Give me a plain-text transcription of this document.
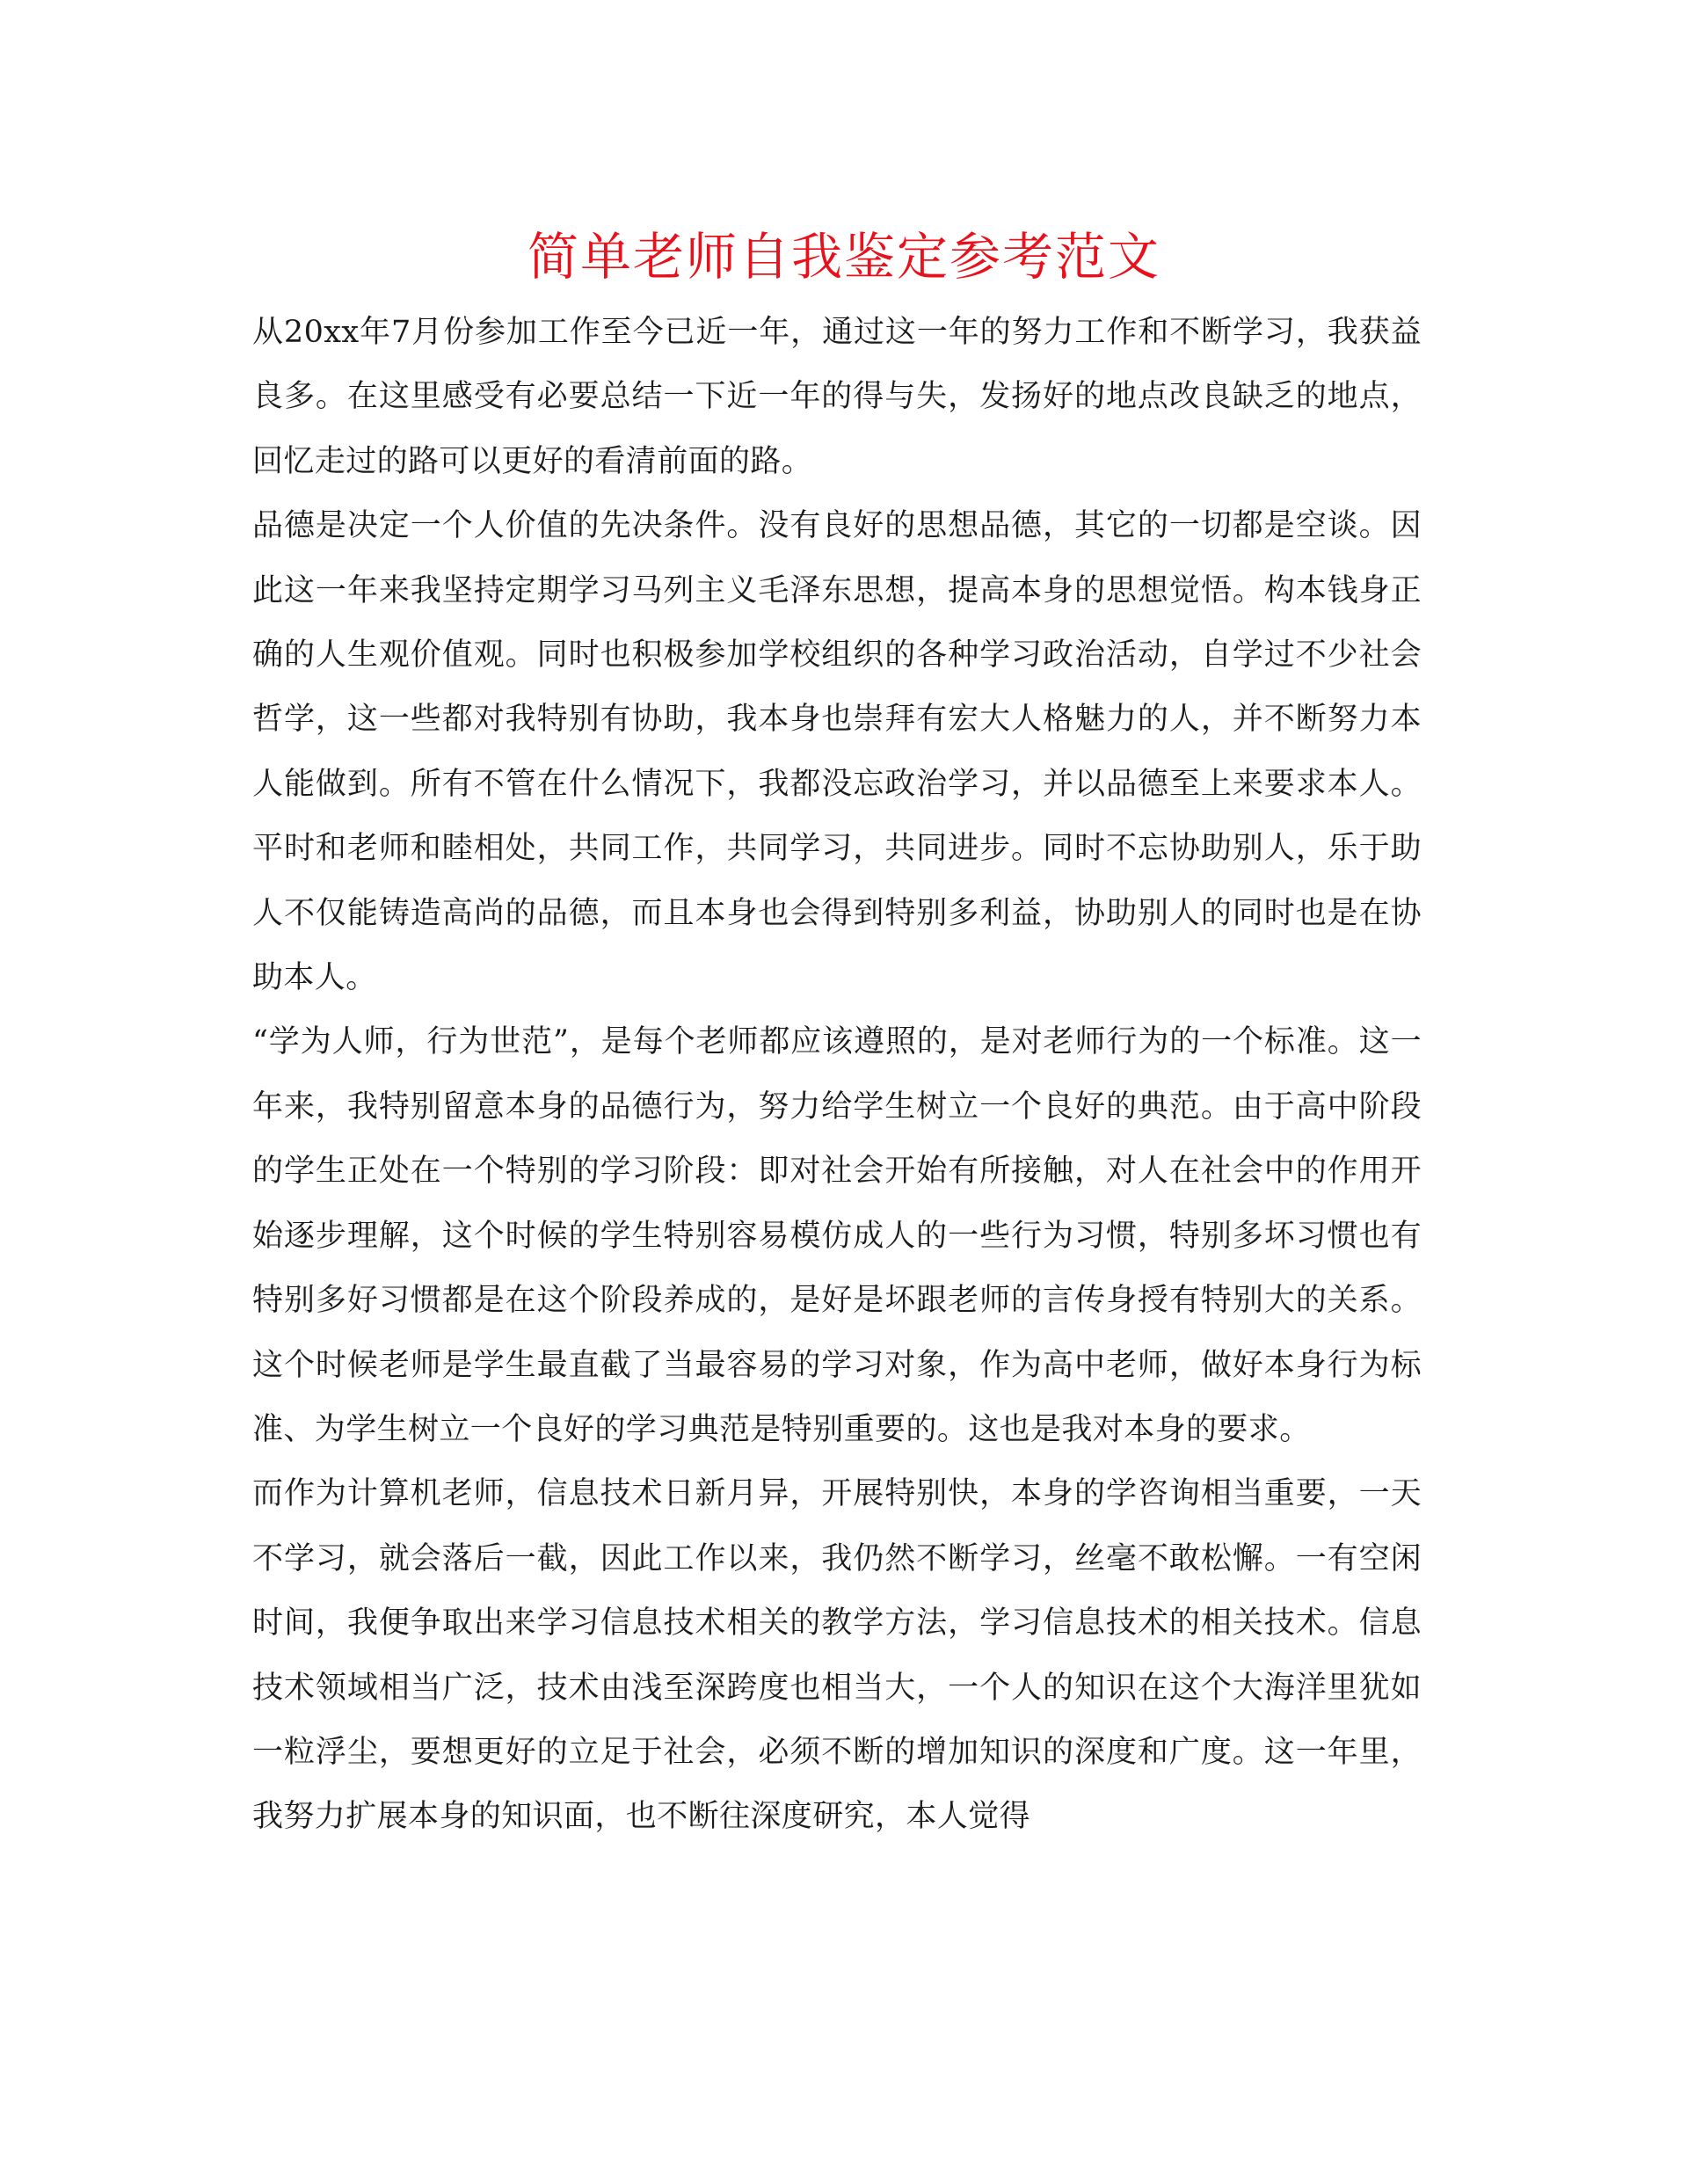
简单老师自我鉴定参考范文

从20xx年7月份参加工作至今已近一年，通过这一年的努力工作和不断学习，我获益良多。在这里感受有必要总结一下近一年的得与失，发扬好的地点改良缺乏的地点，回忆走过的路可以更好的看清前面的路。

品德是决定一个人价值的先决条件。没有良好的思想品德，其它的一切都是空谈。因此这一年来我坚持定期学习马列主义毛泽东思想，提高本身的思想觉悟。构本钱身正确的人生观价值观。同时也积极参加学校组织的各种学习政治活动，自学过不少社会哲学，这一些都对我特别有协助，我本身也崇拜有宏大人格魅力的人，并不断努力本人能做到。所有不管在什么情况下，我都没忘政治学习，并以品德至上来要求本人。平时和老师和睦相处，共同工作，共同学习，共同进步。同时不忘协助别人，乐于助人不仅能铸造高尚的品德，而且本身也会得到特别多利益，协助别人的同时也是在协助本人。

“学为人师，行为世范”，是每个老师都应该遵照的，是对老师行为的一个标准。这一年来，我特别留意本身的品德行为，努力给学生树立一个良好的典范。由于高中阶段的学生正处在一个特别的学习阶段：即对社会开始有所接触，对人在社会中的作用开始逐步理解，这个时候的学生特别容易模仿成人的一些行为习惯，特别多坏习惯也有特别多好习惯都是在这个阶段养成的，是好是坏跟老师的言传身授有特别大的关系。这个时候老师是学生最直截了当最容易的学习对象，作为高中老师，做好本身行为标准、为学生树立一个良好的学习典范是特别重要的。这也是我对本身的要求。

而作为计算机老师，信息技术日新月异，开展特别快，本身的学咨询相当重要，一天不学习，就会落后一截，因此工作以来，我仍然不断学习，丝毫不敢松懈。一有空闲时间，我便争取出来学习信息技术相关的教学方法，学习信息技术的相关技术。信息技术领域相当广泛，技术由浅至深跨度也相当大，一个人的知识在这个大海洋里犹如一粒浮尘，要想更好的立足于社会，必须不断的增加知识的深度和广度。这一年里，我努力扩展本身的知识面，也不断往深度研究，本人觉得
